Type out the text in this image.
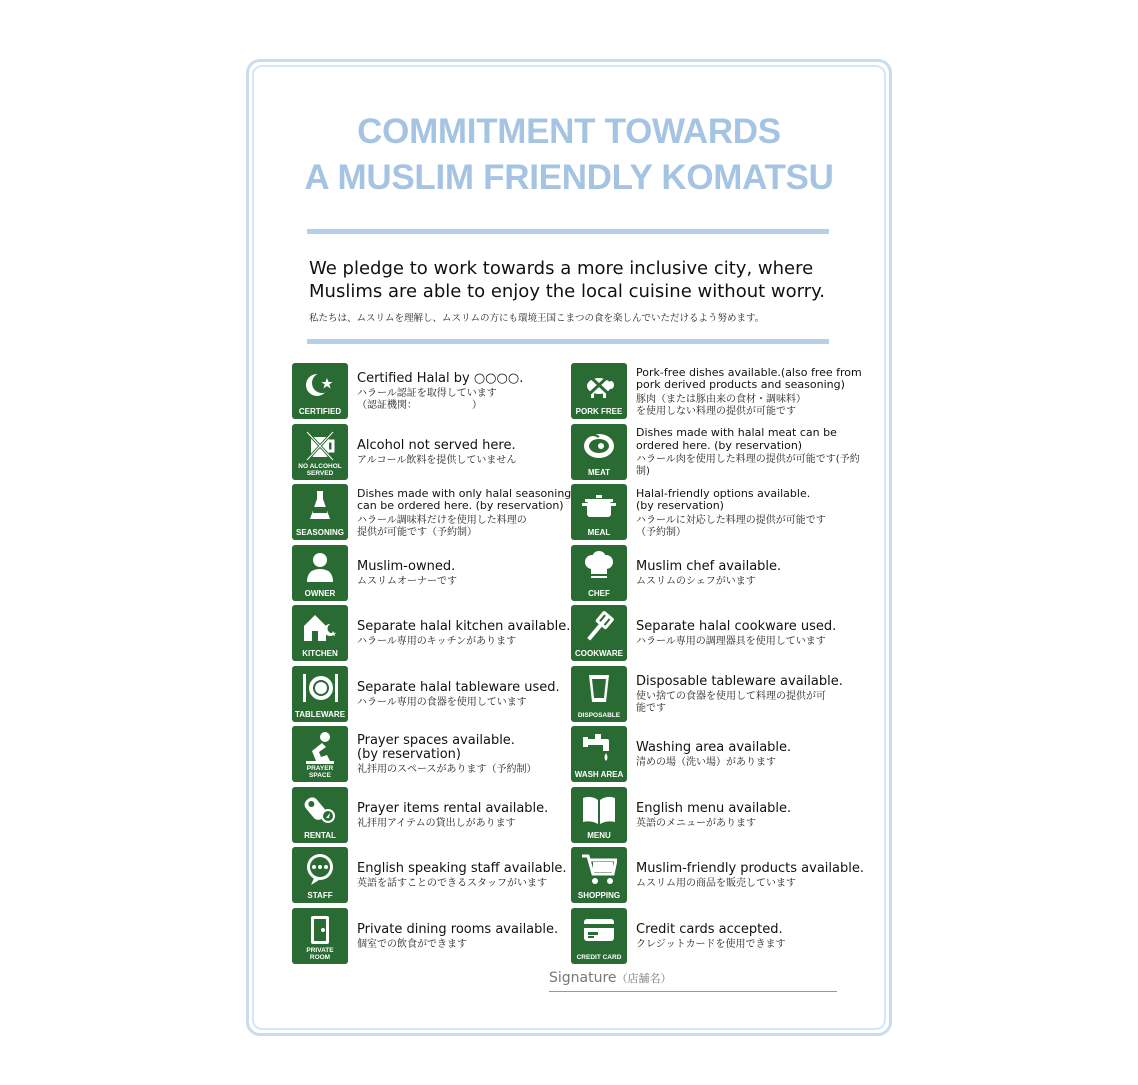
COMMITMENT TOWARDS
A MUSLIM FRIENDLY KOMATSU
We pledge to work towards a more inclusive city, where Muslims are able to enjoy the local cuisine without worry.
私たちは、ムスリムを理解し、ムスリムの方にも環境王国こまつの食を楽しんでいただけるよう努めます。
CERTIFIED
Certified Halal by ○○○○.
ハラール認証を取得しています
（認証機関：　　　　　　）
PORK FREE
Pork-free dishes available.(also free from pork derived products and seasoning)
豚肉（または豚由来の食材・調味料）
を使用しない料理の提供が可能です
NO ALCOHOL
SERVED
Alcohol not served here.
アルコール飲料を提供していません
MEAT
Dishes made with halal meat can be ordered here. (by reservation)
ハラール肉を使用した料理の提供が可能です(予約制)
SEASONING
Dishes made with only halal seasoning can be ordered here. (by reservation)
ハラール調味料だけを使用した料理の
提供が可能です（予約制）	MEAL
Halal-friendly options available.
(by reservation)
ハラールに対応した料理の提供が可能です
（予約制）
OWNER
Muslim-owned.
ムスリムオーナーです
CHEF
Muslim chef available.
ムスリムのシェフがいます
KITCHEN
Separate halal kitchen available.
ハラール専用のキッチンがあります
COOKWARE
Separate halal cookware used.
ハラール専用の調理器具を使用しています
TABLEWARE
Separate halal tableware used.
ハラール専用の食器を使用しています
DISPOSABLE
Disposable tableware available.
使い捨ての食器を使用して料理の提供が可
能です
PRAYER
SPACE
Prayer spaces available.
(by reservation)
礼拝用のスペースがあります（予約制）	WASH AREA
Washing area available.
清めの場（洗い場）があります
RENTAL
Prayer items rental available.
礼拝用アイテムの貸出しがあります
MENU
English menu available.
英語のメニューがあります
STAFF
English speaking staff available.
英語を話すことのできるスタッフがいます
SHOPPING
Muslim-friendly products available.
ムスリム用の商品を販売しています
PRIVATE
ROOM
Private dining rooms available.
個室での飲食ができます
CREDIT CARD
Credit cards accepted.
クレジットカードを使用できます
Signature（店舗名）
